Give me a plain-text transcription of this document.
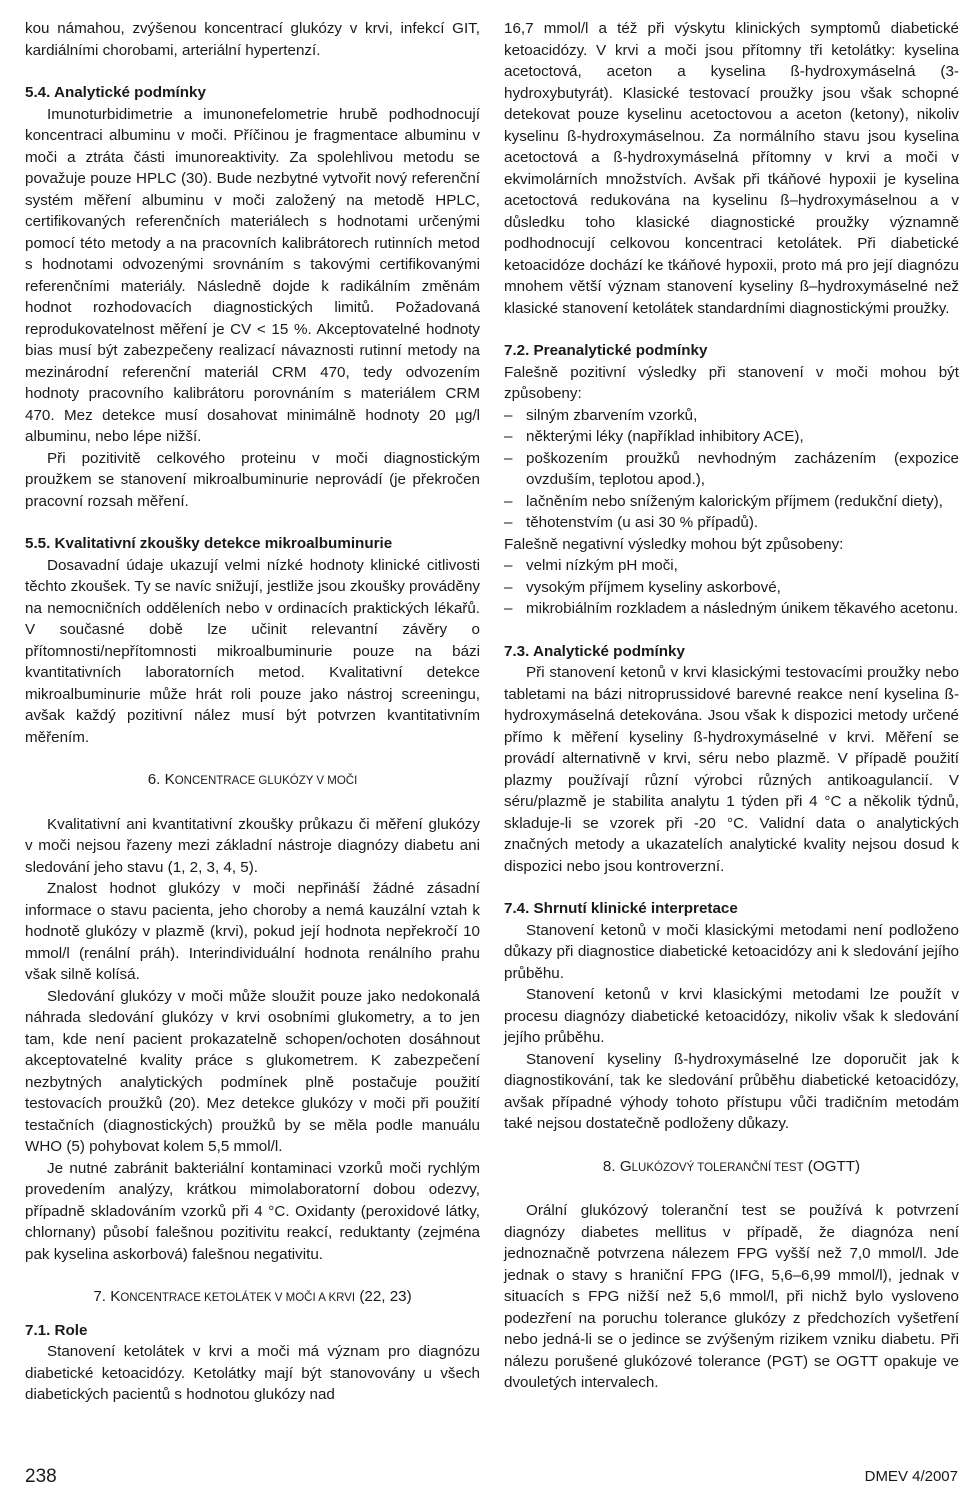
kou námahou, zvýšenou koncentrací glukózy v krvi, infekcí GIT, kardiálními chorobami, arteriální hypertenzí.

5.4. Analytické podmínky

Imunoturbidimetrie a imunonefelometrie hrubě podhodnocují koncentraci albuminu v moči. Příčinou je fragmentace albuminu v moči a ztráta části imunoreaktivity. Za spolehlivou metodu se považuje pouze HPLC (30). Bude nezbytné vytvořit nový referenční systém měření albuminu v moči založený na metodě HPLC, certifikovaných referenčních materiálech s hodnotami určenými pomocí této metody a na pracovních kalibrátorech rutinních metod s hodnotami odvozenými srovnáním s takovými certifikovanými referenčními materiály. Následně dojde k radikálním změnám hodnot rozhodovacích diagnostických limitů. Požadovaná reprodukovatelnost měření je CV < 15 %. Akceptovatelné hodnoty bias musí být zabezpečeny realizací návaznosti rutinní metody na mezinárodní referenční materiál CRM 470, tedy odvozením hodnoty pracovního kalibrátoru porovnáním s materiálem CRM 470. Mez detekce musí dosahovat minimálně hodnoty 20 µg/l albuminu, nebo lépe nižší.

Při pozitivitě celkového proteinu v moči diagnostickým proužkem se stanovení mikroalbuminurie neprovádí (je překročen pracovní rozsah měření.

5.5. Kvalitativní zkoušky detekce mikroalbuminurie

Dosavadní údaje ukazují velmi nízké hodnoty klinické citlivosti těchto zkoušek. Ty se navíc snižují, jestliže jsou zkoušky prováděny na nemocničních odděleních nebo v ordinacích praktických lékařů. V současné době lze učinit relevantní závěry o přítomnosti/nepřítomnosti mikroalbuminurie pouze na bázi kvantitativních laboratorních metod. Kvalitativní detekce mikroalbuminurie může hrát roli pouze jako nástroj screeningu, avšak každý pozitivní nález musí být potvrzen kvantitativním měřením.

6. KONCENTRACE GLUKÓZY V MOČI

Kvalitativní ani kvantitativní zkoušky průkazu či měření glukózy v moči nejsou řazeny mezi základní nástroje diagnózy diabetu ani sledování jeho stavu (1, 2, 3, 4, 5).

Znalost hodnot glukózy v moči nepřináší žádné zásadní informace o stavu pacienta, jeho choroby a nemá kauzální vztah k hodnotě glukózy v plazmě (krvi), pokud její hodnota nepřekročí 10 mmol/l (renální práh). Interindividuální hodnota renálního prahu však silně kolísá.

Sledování glukózy v moči může sloužit pouze jako nedokonalá náhrada sledování glukózy v krvi osobními glukometry, a to jen tam, kde není pacient prokazatelně schopen/ochoten dosáhnout akceptovatelné kvality práce s glukometrem. K zabezpečení nezbytných analytických podmínek plně postačuje použití testovacích proužků (20). Mez detekce glukózy v moči při použití testačních (diagnostických) proužků by se měla podle manuálu WHO (5) pohybovat kolem 5,5 mmol/l.

Je nutné zabránit bakteriální kontaminaci vzorků moči rychlým provedením analýzy, krátkou mimolaboratorní dobou odezvy, případně skladováním vzorků při 4 °C. Oxidanty (peroxidové látky, chlornany) působí falešnou pozitivitu reakcí, reduktanty (zejména pak kyselina askorbová) falešnou negativitu.

7. KONCENTRACE KETOLÁTEK V MOČI A KRVI (22, 23)

7.1. Role

Stanovení ketolátek v krvi a moči má význam pro diagnózu diabetické ketoacidózy. Ketolátky mají být stanovovány u všech diabetických pacientů s hodnotou glukózy nad

16,7 mmol/l a též při výskytu klinických symptomů diabetické ketoacidózy. V krvi a moči jsou přítomny tři ketolátky: kyselina acetoctová, aceton a kyselina ß-hydroxymáselná (3-hydroxybutyrát). Klasické testovací proužky jsou však schopné detekovat pouze kyselinu acetoctovou a aceton (ketony), nikoliv kyselinu ß-hydroxymáselnou. Za normálního stavu jsou kyselina acetoctová a ß-hydroxymáselná přítomny v krvi a moči v ekvimolárních množstvích. Avšak při tkáňové hypoxii je kyselina acetoctová redukována na kyselinu ß–hydroxymáselnou a v důsledku toho klasické diagnostické proužky významně podhodnocují celkovou koncentraci ketolátek. Při diabetické ketoacidóze dochází ke tkáňové hypoxii, proto má pro její diagnózu mnohem větší význam stanovení kyseliny ß–hydroxymáselné než klasické stanovení ketolátek standardními diagnostickými proužky.

7.2. Preanalytické podmínky

Falešně pozitivní výsledky při stanovení v moči mohou být způsobeny:

– silným zbarvením vzorků,
– některými léky (například inhibitory ACE),
– poškozením proužků nevhodným zacházením (expozice ovzduším, teplotou apod.),
– lačněním nebo sníženým kalorickým příjmem (redukční diety),
– těhotenstvím (u asi 30 % případů).

Falešně negativní výsledky mohou být způsobeny:

– velmi nízkým pH moči,
– vysokým příjmem kyseliny askorbové,
– mikrobiálním rozkladem a následným únikem těkavého acetonu.

7.3. Analytické podmínky

Při stanovení ketonů v krvi klasickými testovacími proužky nebo tabletami na bázi nitroprussidové barevné reakce není kyselina ß-hydroxymáselná detekována. Jsou však k dispozici metody určené přímo k měření kyseliny ß-hydroxymáselné v krvi. Měření se provádí alternativně v krvi, séru nebo plazmě. V případě použití plazmy používají různí výrobci různých antikoagulancií. V séru/plazmě je stabilita analytu 1 týden při 4 °C a několik týdnů, skladuje-li se vzorek při -20 °C. Validní data o analytických značných metody a ukazatelích analytické kvality nejsou dosud k dispozici nebo jsou kontroverzní.

7.4. Shrnutí klinické interpretace

Stanovení ketonů v moči klasickými metodami není podloženo důkazy při diagnostice diabetické ketoacidózy ani k sledování jejího průběhu.

Stanovení ketonů v krvi klasickými metodami lze použít v procesu diagnózy diabetické ketoacidózy, nikoliv však k sledování jejího průběhu.

Stanovení kyseliny ß-hydroxymáselné lze doporučit jak k diagnostikování, tak ke sledování průběhu diabetické ketoacidózy, avšak případné výhody tohoto přístupu vůči tradičním metodám také nejsou dostatečně podloženy důkazy.

8. GLUKÓZOVÝ TOLERANČNÍ TEST (OGTT)

Orální glukózový toleranční test se používá k potvrzení diagnózy diabetes mellitus v případě, že diagnóza není jednoznačně potvrzena nálezem FPG vyšší než 7,0 mmol/l. Jde jednak o stavy s hraniční FPG (IFG, 5,6–6,99 mmol/l), jednak v situacích s FPG nižší než 5,6 mmol/l, při nichž bylo vysloveno podezření na poruchu tolerance glukózy z předchozích vyšetření nebo jedná-li se o jedince se zvýšeným rizikem vzniku diabetu. Při nálezu porušené glukózové tolerance (PGT) se OGTT opakuje ve dvouletých intervalech.

238	DMEV 4/2007
